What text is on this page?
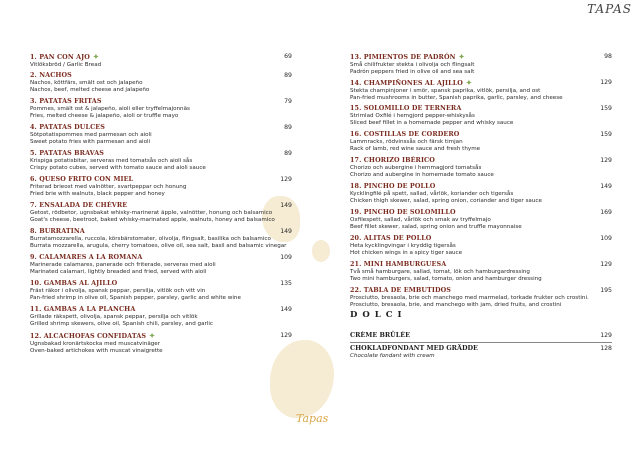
TAPAS
1. PAN CON AJO ✦
Vitlöksbröd / Garlic Bread
69
2. NACHOS
Nachos, köttfärs, smält ost och jalapeño
Nachos, beef, melted cheese and jalapeño
89
3. PATATAS FRITAS
Pommes, smält ost & jalapeño, aioli eller tryffelmajonnäs
Fries, melted cheese & jalapeño, aioli or truffle mayo
79
4. PATATAS DULCES
Sötpotatispommes med parmesan och aioli
Sweet potato fries with parmesan and aioli
89
5. PATATAS BRAVAS
Krispiga potatisbitar, serveras med tomatsås och aioli sås
Crispy potato cubes, served with tomato sauce and aioli sauce
89
6. QUESO FRITO CON MIEL
Friterad brieost med valnötter, svartpeppar och honung
Fried brie with walnuts, black pepper and honey
129
7. ENSALADA DE CHÈVRE
Getost, rödbetor, ugnsbakat whisky-marinerat äpple, valnötter, honung och balsamico
Goat's cheese, beetroot, baked whisky-marinated apple, walnuts, honey and balsamico
149
8. BURRATINA
Burratamozzarella, ruccola, körsbärstomater, olivolja, flingsalt, basilika och balsamico
Burrata mozzarella, arugula, cherry tomatoes, olive oil, sea salt, basil and balsamic vinegar
149
9. CALAMARES A LA ROMANA
Marinerade calamares, panerade och friterade, serveras med aioli
Marinated calamari, lightly breaded and fried, served with aioli
109
10. GAMBAS AL AJILLO
Fräst räkor i olivolja, spansk peppar, persilja, vitlök och vitt vin
Pan-fried shrimp in olive oil, Spanish pepper, parsley, garlic and white wine
135
11. GAMBAS A LA PLANCHA
Grillade räkspett, olivolja, spansk peppar, persilja och vitlök
Grilled shrimp skewers, olive oil, Spanish chili, parsley, and garlic
149
12. ALCACHOFAS CONFIDATAS ✦
Ugnsbakad kronärtskocka med muscatvinäger
Oven-baked artichokes with muscat vinaigrette
129
13. PIMIENTOS DE PADRÓN ✦
Små chilifrukter stekta i olivolja och flingsalt
Padrón peppers fried in olive oil and sea salt
98
14. CHAMPIÑONES AL AJILLO ✦
Stekta champinjoner i smör, spansk paprika, vitlök, persilja, and ost
Pan-fried mushrooms in butter, Spanish paprika, garlic, parsley, and cheese
129
15. SOLOMILLO DE TERNERA
Strimlad Oxfilé i hemgjord pepper-whiskysås
Sliced beef fillet in a homemade pepper and whisky sauce
159
16. COSTILLAS DE CORDERO
Lammracks, rödvinssås och färsk timjan
Rack of lamb, red wine sauce and fresh thyme
159
17. CHORIZO IBÉRICO
Chorizo och aubergine i hemmagjord tomatsås
Chorizo and aubergine in homemade tomato sauce
129
18. PINCHO DE POLLO
Kycklingfilé på spett, sallad, vårlök, koriander och tigersås
Chicken thigh skewer, salad, spring onion, coriander and tiger sauce
149
19. PINCHO DE SOLOMILLO
Oxfilespett, sallad, vårlök och smak av tryffelmajo
Beef fillet skewer, salad, spring onion and truffle mayonnaise
169
20. ALITAS DE POLLO
Heta kycklingvingar i kryddig tigersås
Hot chicken wings in a spicy tiger sauce
109
21. MINI HAMBURGUESA
Två små hamburgare, sallad, tomat, lök och hamburgardressing
Two mini hamburgers, salad, tomato, onion and hamburger dressing
129
22. TABLA DE EMBUTIDOS
Prosciutto, bresaola, brie och manchego med marmelad, torkade frukter och crostini.
Prosciutto, bresaola, brie, and manchego with jam, dried fruits, and crostini
195
DOLCI
CRÈME BRÛLÉE	129
CHOKLADFONDANT MED GRÄDDE
Chocolate fondant with cream
128
Tapas
